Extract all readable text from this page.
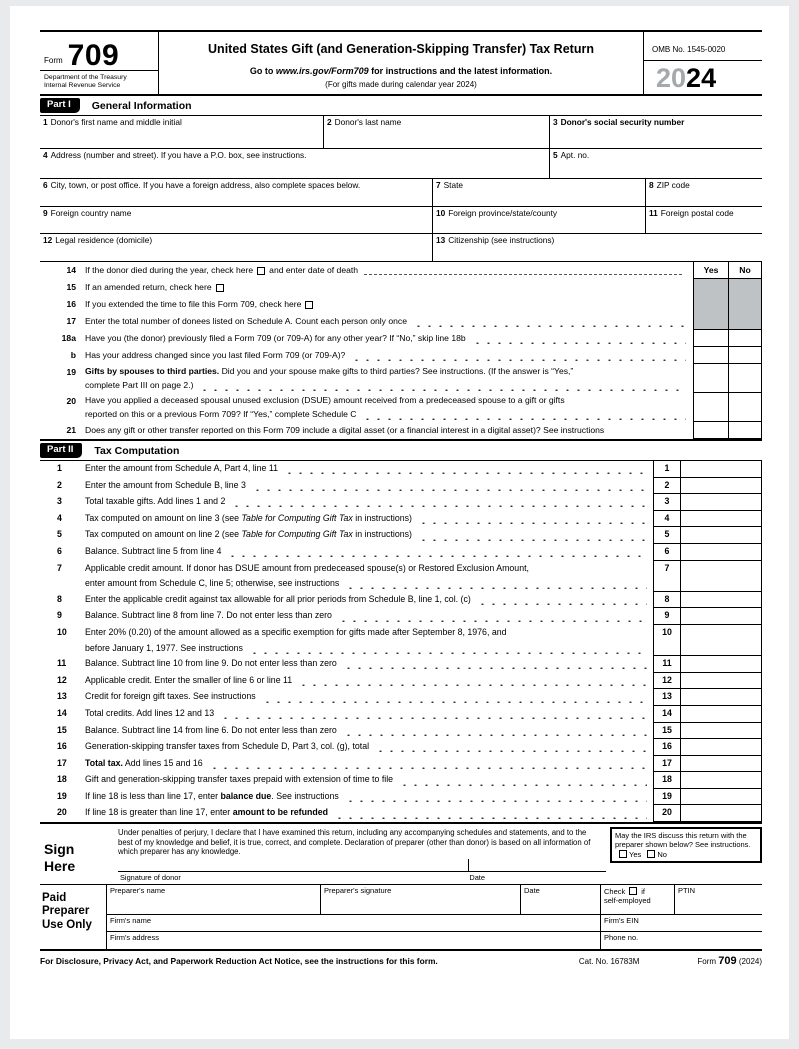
Form 709
Department of the Treasury
Internal Revenue Service
United States Gift (and Generation-Skipping Transfer) Tax Return
Go to www.irs.gov/Form709 for instructions and the latest information.
(For gifts made during calendar year 2024)
OMB No. 1545-0020
2024
Part I	General Information
1 Donor's first name and middle initial	2 Donor's last name	3 Donor's social security number
4 Address (number and street). If you have a P.O. box, see instructions.	5 Apt. no.
6 City, town, or post office. If you have a foreign address, also complete spaces below.	7 State	8 ZIP code
9 Foreign country name	10 Foreign province/state/county	11 Foreign postal code
12 Legal residence (domicile)	13 Citizenship (see instructions)
14 If the donor died during the year, check here and enter date of death	Yes	No
15 If an amended return, check here
16 If you extended the time to file this Form 709, check here
17 Enter the total number of donees listed on Schedule A. Count each person only once
18a Have you (the donor) previously filed a Form 709 (or 709-A) for any other year? If “No,” skip line 18b
b Has your address changed since you last filed Form 709 (or 709-A)?
19 Gifts by spouses to third parties. Did you and your spouse make gifts to third parties? See instructions. (If the answer is “Yes,”
complete Part III on page 2.)
20 Have you applied a deceased spousal unused exclusion (DSUE) amount received from a predeceased spouse to a gift or gifts
reported on this or a previous Form 709? If “Yes,” complete Schedule C
21 Does any gift or other transfer reported on this Form 709 include a digital asset (or a financial interest in a digital asset)? See instructions
Part II	Tax Computation
1	Enter the amount from Schedule A, Part 4, line 11	1
2	Enter the amount from Schedule B, line 3	2
3	Total taxable gifts. Add lines 1 and 2	3
4	Tax computed on amount on line 3 (see Table for Computing Gift Tax in instructions)	4
5	Tax computed on amount on line 2 (see Table for Computing Gift Tax in instructions)	5
6	Balance. Subtract line 5 from line 4	6
7	Applicable credit amount. If donor has DSUE amount from predeceased spouse(s) or Restored Exclusion Amount,
enter amount from Schedule C, line 5; otherwise, see instructions
7
8	Enter the applicable credit against tax allowable for all prior periods from Schedule B, line 1, col. (c)	8
9	Balance. Subtract line 8 from line 7. Do not enter less than zero	9
10	Enter 20% (0.20) of the amount allowed as a specific exemption for gifts made after September 8, 1976, and
before January 1, 1977. See instructions
10
11	Balance. Subtract line 10 from line 9. Do not enter less than zero	11
12	Applicable credit. Enter the smaller of line 6 or line 11	12
13	Credit for foreign gift taxes. See instructions	13
14	Total credits. Add lines 12 and 13	14
15	Balance. Subtract line 14 from line 6. Do not enter less than zero	15
16	Generation-skipping transfer taxes from Schedule D, Part 3, col. (g), total	16
17	Total tax. Add lines 15 and 16	17
18	Gift and generation-skipping transfer taxes prepaid with extension of time to file	18
19	If line 18 is less than line 17, enter balance due. See instructions	19
20	If line 18 is greater than line 17, enter amount to be refunded	20
Sign
Here
Under penalties of perjury, I declare that I have examined this return, including any accompanying schedules and statements, and to the best of my knowledge and belief, it is true, correct, and complete. Declaration of preparer (other than donor) is based on all information of which preparer has any knowledge.
Signature of donor	Date
May the IRS discuss this return with the preparer shown below? See instructions. Yes No
Paid
Preparer
Use Only
Preparer's name	Preparer's signature	Date	Check if
self-employed
PTIN
Firm's name	Firm's EIN
Firm's address	Phone no.
For Disclosure, Privacy Act, and Paperwork Reduction Act Notice, see the instructions for this form.	Cat. No. 16783M	Form 709 (2024)
